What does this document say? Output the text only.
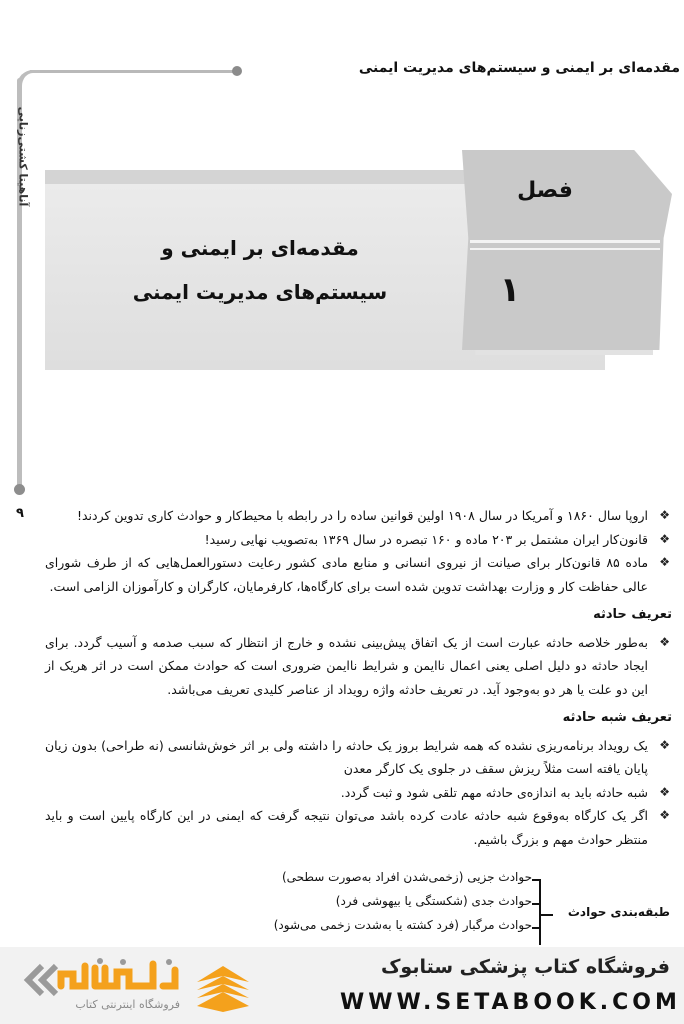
مقدمه‌ای بر ایمنی و سیستم‌های مدیریت ایمنی
آناهیتا کشتی‌زنایی
۹
فصل
۱
مقدمه‌ای بر ایمنی و
سیستم‌های مدیریت ایمنی

❖
اروپا سال ۱۸۶۰ و آمریکا در سال ۱۹۰۸ اولین قوانین ساده را در رابطه با محیط‌کار و حوادث کاری تدوین کردند!

❖
قانون‌کار ایران مشتمل بر ۲۰۳ ماده و ۱۶۰ تبصره در سال ۱۳۶۹ به‌تصویب نهایی رسید!

❖
ماده ۸۵ قانون‌کار برای صیانت از نیروی انسانی و منابع مادی کشور رعایت دستورالعمل‌هایی که از طرف شورای عالی حفاظت کار و وزارت بهداشت تدوین شده است برای کارگاه‌ها، کارفرمایان، کارگران و کارآموزان الزامی است.

تعریف حادثه

❖
به‌طور خلاصه حادثه عبارت است از یک اتفاق پیش‌بینی نشده و خارج از انتظار که سبب صدمه و آسیب گردد. برای ایجاد حادثه دو دلیل اصلی یعنی اعمال ناایمن و شرایط ناایمن ضروری است که حوادث ممکن است در اثر هریک از این دو علت یا هر دو به‌وجود آید. در تعریف حادثه واژه رویداد از عناصر کلیدی تعریف می‌باشد.

تعریف شبه حادثه

❖
یک رویداد برنامه‌ریزی نشده که همه شرایط بروز یک حادثه را داشته ولی بر اثر خوش‌شانسی (نه طراحی) بدون زیان پایان یافته است مثلاً ریزش سقف در جلوی یک کارگر معدن

❖
شبه حادثه باید به اندازه‌ی حادثه مهم تلقی شود و ثبت گردد.

❖
اگر یک کارگاه به‌وقوع شبه حادثه عادت کرده باشد می‌توان نتیجه گرفت که ایمنی در این کارگاه پایین است و باید منتظر حوادث مهم و بزرگ باشیم.

طبقه‌بندی حوادث
حوادث جزیی (زخمی‌شدن افراد به‌صورت سطحی)
حوادث جدی (شکستگی یا بیهوشی فرد)
حوادث مرگبار (فرد کشته یا به‌شدت زخمی می‌شود)
فروشگاه کتاب پزشکی ستابوک
WWW.SETABOOK.COM
فروشگاه اینترنتی کتاب
